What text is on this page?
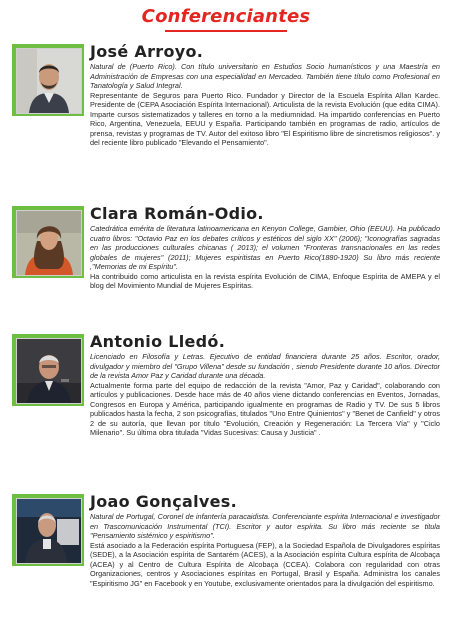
Conferenciantes
José Arroyo.

Natural de (Puerto Rico). Con título universitario en Estudios Socio humanísticos y una Maestría en Administración de Empresas con una especialidad en Mercadeo. También tiene título como Profesional en Tanatología y Salud Integral.

Representante de Seguros para Puerto Rico. Fundador y Director de la Escuela Espírita Allan Kardec. Presidente de (CEPA Asociación Espírita Internacional). Articulista de la revista Evolución (que edita CIMA). Imparte cursos sistematizados y talleres en torno a la mediumnidad. Ha impartido conferencias en Puerto Rico, Argentina, Venezuela, EEUU y España. Participando también en programas de radio, artículos de prensa, revistas y programas de TV. Autor del exitoso libro "El Espiritismo libre de sincretismos religiosos". y del reciente libro publicado "Elevando el Pensamiento".

Clara Román-Odio.

Catedrática emérita de literatura latinoamericana en Kenyon College, Gambier, Ohio (EEUU). Ha publicado cuatro libros: "Octavio Paz en los debates críticos y estéticos del siglo XX" (2006); "Iconografías sagradas en las producciones culturales chicanas ( 2013); el volumen "Fronteras transnacionales en las redes globales de mujeres" (2011); Mujeres espiritistas en Puerto Rico(1880-1920) Su libro más reciente ,"Memorias de mi Espíritu".

Ha contribuido como articulista en la revista espírita Evolución de CIMA, Enfoque Espírita de AMEPA y el blog del Movimiento Mundial de Mujeres Espíritas.

Antonio Lledó.

Licenciado en Filosofía y Letras. Ejecutivo de entidad financiera durante 25 años. Escritor, orador, divulgador y miembro del "Grupo Villena" desde su fundación , siendo Presidente durante 10 años. Director de la revista Amor Paz y Caridad durante una década.

Actualmente forma parte del equipo de redacción de la revista "Amor, Paz y Caridad", colaborando con artículos y publicaciones. Desde hace más de 40 años viene dictando conferencias en Eventos, Jornadas, Congresos en Europa y América, participando igualmente en programas de Radio y TV. De sus 5 libros publicados hasta la fecha, 2 son psicografías, titulados "Uno Entre Quinientos" y "Benet de Canfield" y otros 2 de su autoría, que llevan por título "Evolución, Creación y Regeneración: La Tercera Vía" y "Ciclo Milenario". Su última obra titulada "Vidas Sucesivas: Causa y Justicia" .

Joao Gonçalves.

Natural de Portugal, Coronel de infantería paracaidista. Conferenciante espírita Internacional e investigador en Trascomunicación Instrumental (TCI). Escritor y autor espírita. Su libro más reciente se titula "Pensamiento sistémico y espiritismo".

Está asociado a la Federación espírita Portuguesa (FEP), a la Sociedad Española de Divulgadores espíritas (SEDE), a la Asociación espírita de Santarém (ACES), a la Asociación espírita Cultura espírita de Alcobaça (ACEA) y al Centro de Cultura Espírita de Alcobaça (CCEA). Colabora con regularidad con otras Organizaciones, centros y Asociaciones espíritas en Portugal, Brasil y España. Administra los canales "Espiritismo JG" en Facebook y en Youtube, exclusivamente orientados para la divulgación del espiritismo.
